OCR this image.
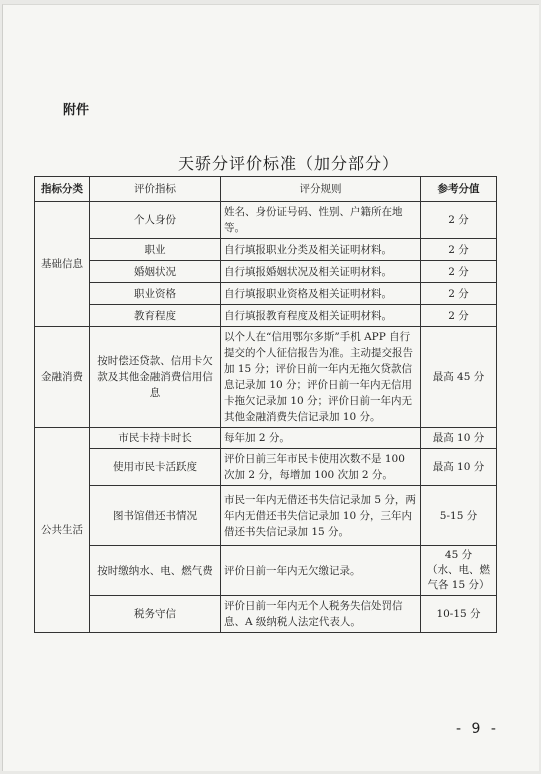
附件
天骄分评价标准（加分部分）
指标分类	评价指标	评分规则	参考分值
基础信息	个人身份	姓名、身份证号码、性别、户籍所在地等。	2 分
	职业	自行填报职业分类及相关证明材料。	2 分
	婚姻状况	自行填报婚姻状况及相关证明材料。	2 分
	职业资格	自行填报职业资格及相关证明材料。	2 分
	教育程度	自行填报教育程度及相关证明材料。	2 分
金融消费	按时偿还贷款、信用卡欠款及其他金融消费信用信息	以个人在“信用鄂尔多斯”手机 APP 自行提交的个人征信报告为准。主动提交报告加 15 分；评价日前一年内无拖欠贷款信息记录加 10 分；评价日前一年内无信用卡拖欠记录加 10 分；评价日前一年内无其他金融消费失信记录加 10 分。	最高 45 分
公共生活	市民卡持卡时长	每年加 2 分。	最高 10 分
	使用市民卡活跃度	评价日前三年市民卡使用次数不是 100 次加 2 分，每增加 100 次加 2 分。	最高 10 分
	图书馆借还书情况	市民一年内无借还书失信记录加 5 分，两年内无借还书失信记录加 10 分，三年内借还书失信记录加 15 分。	5-15 分
	按时缴纳水、电、燃气费	评价日前一年内无欠缴记录。	45 分
（水、电、燃气各 15 分）
	税务守信	评价日前一年内无个人税务失信处罚信息、A 级纳税人法定代表人。	10-15 分
- 9 -
